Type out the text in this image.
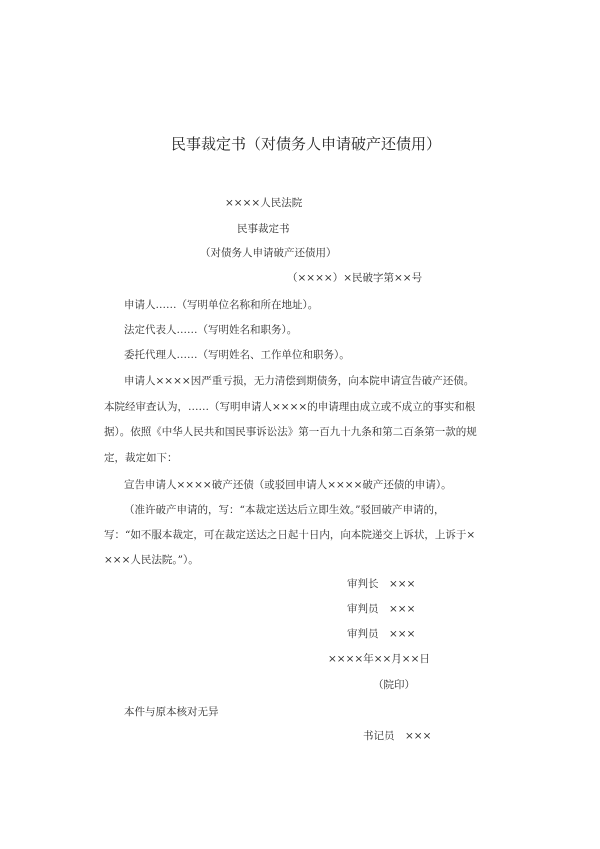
民事裁定书（对债务人申请破产还债用）
××××人民法院
民事裁定书
（对债务人申请破产还债用）
（××××）×民破字第××号
申请人……（写明单位名称和所在地址）。
法定代表人……（写明姓名和职务）。
委托代理人……（写明姓名、工作单位和职务）。
申请人××××因严重亏损，无力清偿到期债务，向本院申请宣告破产还债。
本院经审查认为，……（写明申请人××××的申请理由成立或不成立的事实和根
据）。依照《中华人民共和国民事诉讼法》第一百九十九条和第二百条第一款的规
定，裁定如下：
宣告申请人××××破产还债（或驳回申请人××××破产还债的申请）。
（准许破产申请的，写：“本裁定送达后立即生效。”驳回破产申请的，
写：“如不服本裁定，可在裁定送达之日起十日内，向本院递交上诉状，上诉于×
×××人民法院。”）。
审判长　×××
审判员　×××
审判员　×××
××××年××月××日
（院印）
本件与原本核对无异
书记员　×××
